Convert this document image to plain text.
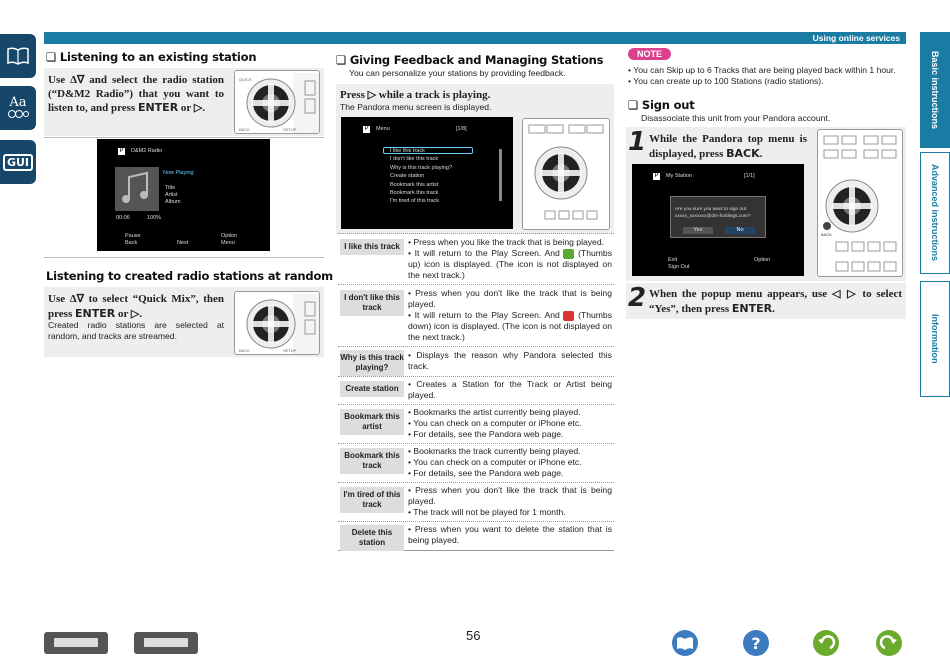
Using online services
Aa
GUI
Basic instructions
Advanced instructions
Information
❏ Listening to an existing station
Use Δ∇ and select the radio station (“D&M2 Radio”) that you want to listen to, and press ENTER or ▷.
QUICK
BACK	SETUP
P D&M2 Radio
Now Playing
Title
Artist
Album
00:06	100%
Pause
Back	Next
Option
Menu
Listening to created radio stations at random
Use Δ∇ to select “Quick Mix”, then press ENTER or ▷.
Created radio stations are selected at random, and tracks are streamed.
BACK	SETUP
❏ Giving Feedback and Managing Stations
You can personalize your stations by providing feedback.
Press ▷ while a track is playing.
The Pandora menu screen is displayed.
P Menu	[1/8]
I like this track
I don't like this track
Why is this track playing?
Create station
Bookmark this artist
Bookmark this track
I'm tired of this track
I like this track • Press when you like the track that is being played.
• It will return to the Play Screen. And  (Thumbs up) icon is displayed. (The icon is not displayed on the next track.)
I don't like this track
• Press when you don't like the track that is being played.
• It will return to the Play Screen. And  (Thumbs down) icon is displayed. (The icon is not displayed on the next track.)
Why is this track playing?
• Displays the reason why Pandora selected this track.
Create station	• Creates a Station for the Track or Artist being played.
Bookmark this artist
• Bookmarks the artist currently being played.
• You can check on a computer or iPhone etc.
• For details, see the Pandora web page.
Bookmark this track
• Bookmarks the track currently being played.
• You can check on a computer or iPhone etc.
• For details, see the Pandora web page.
I'm tired of this track
• Press when you don't like the track that is being played.
• The track will not be played for 1 month.
Delete this station
• Press when you want to delete the station that is being played.
NOTE
• You can Skip up to 6 Tracks that are being played back within 1 hour.
• You can create up to 100 Stations (radio stations).
❏ Sign out
Disassociate this unit from your Pandora account.
1 While the Pandora top menu is displayed, press BACK.
P My Station	[1/1]
Are you sure you want to sign out
xxxxx_xxxxxxx@dm-holdings.com?
Yes	No
Exit
Sign Out
Option
BACK
2 When the popup menu appears, use ◁ ▷ to select “Yes”, then press ENTER.
56	?
